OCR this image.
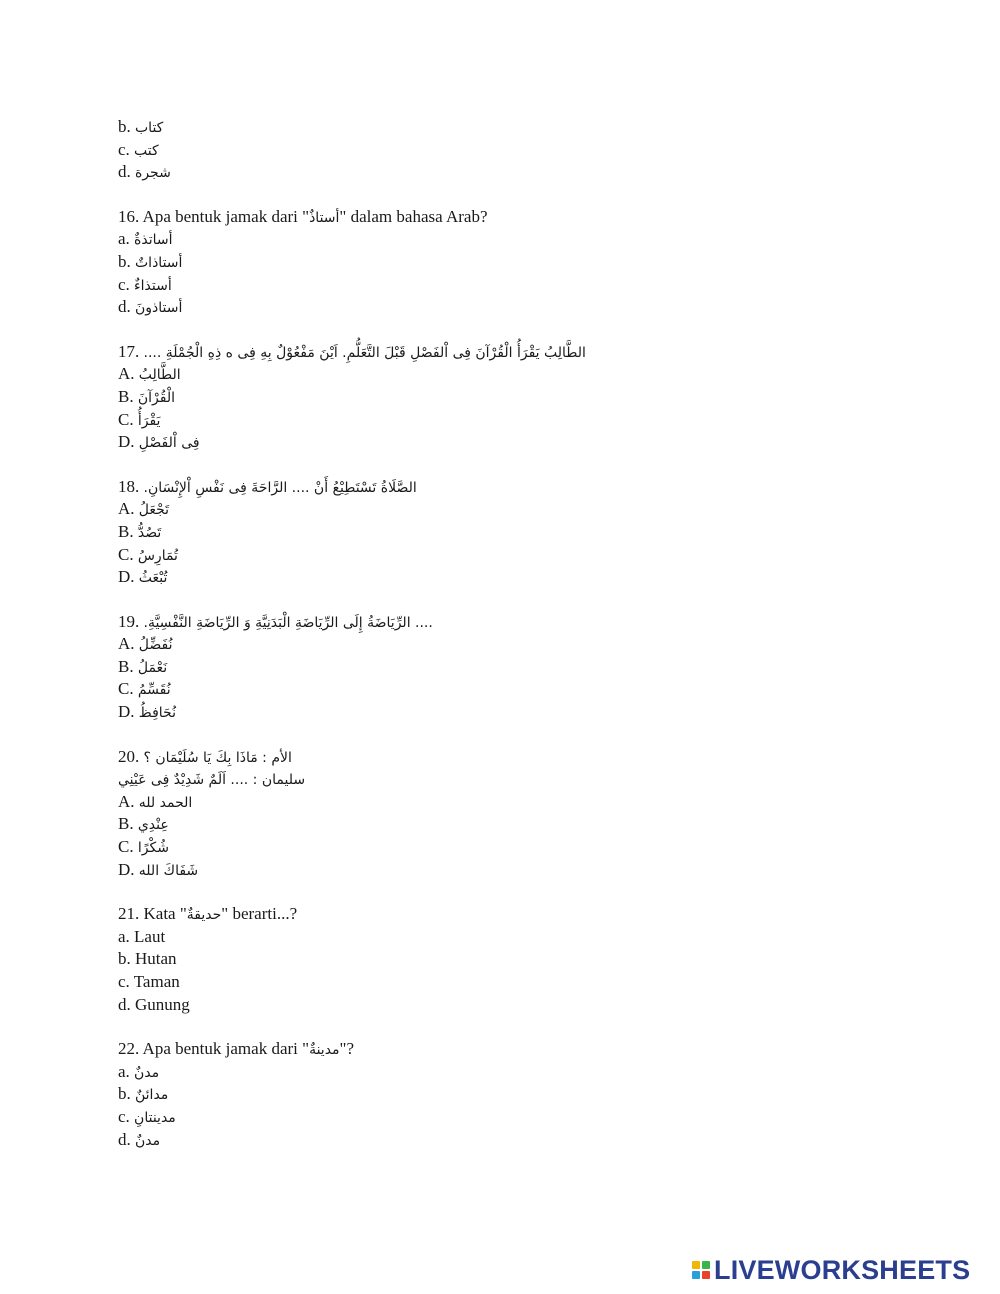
b. كتاب
c. كتب
d. شجرة
16. Apa bentuk jamak dari "أستاذٌ" dalam bahasa Arab?
a. أساتذةٌ
b. أستاذاتٌ
c. أستذاءٌ
d. أستاذونَ
17. الطَّالِبُ يَقْرَأُ الْقُرْآنَ فِى اْلفَصْلِ قَبْلَ التَّعَلُّمِ. اَيْنَ مَفْعُوْلٌ بِهِ فِى ه ذِهِ الْجُمْلَةِ ....
A. الطَّالِبُ
B. الْقُرْآنَ
C. يَقْرَأُ
D. فِى اْلفَصْلِ
18. الصَّلَاةُ تَسْتَطِيْعُ أَنْ .... الرَّاحَةَ فِى نَفْسِ اْلإِنْسَانِ.
A. تَجْعَلُ
B. تَصُدُّ
C. تُمَارِسُ
D. تُبْعَثُ
19. .... الرِّيَاضَةُ إِلَى الرِّيَاضَةِ الْبَدَنِيَّةِ وَ الرِّيَاضَةِ النَّفْسِيَّةِ.
A. نُفَضِّلُ
B. نَعْمَلُ
C. نُقَسِّمُ
D. نُحَافِظُ
20. الأم : مَاذَا بِكَ يَا سُلَيْمَان ؟
سليمان : .... اَلَمٌ شَدِيْدٌ فِى عَيْنِي
A. الحمد لله
B. عِنْدِي
C. شُكْرًا
D. شَفَاكَ الله
21. Kata "حديقةٌ" berarti...?
a. Laut
b. Hutan
c. Taman
d. Gunung
22. Apa bentuk jamak dari "مدينةٌ"?
a. مدنٌ
b. مدائنٌ
c. مدينتانِ
d. مدنٌ
LIVEWORKSHEETS
